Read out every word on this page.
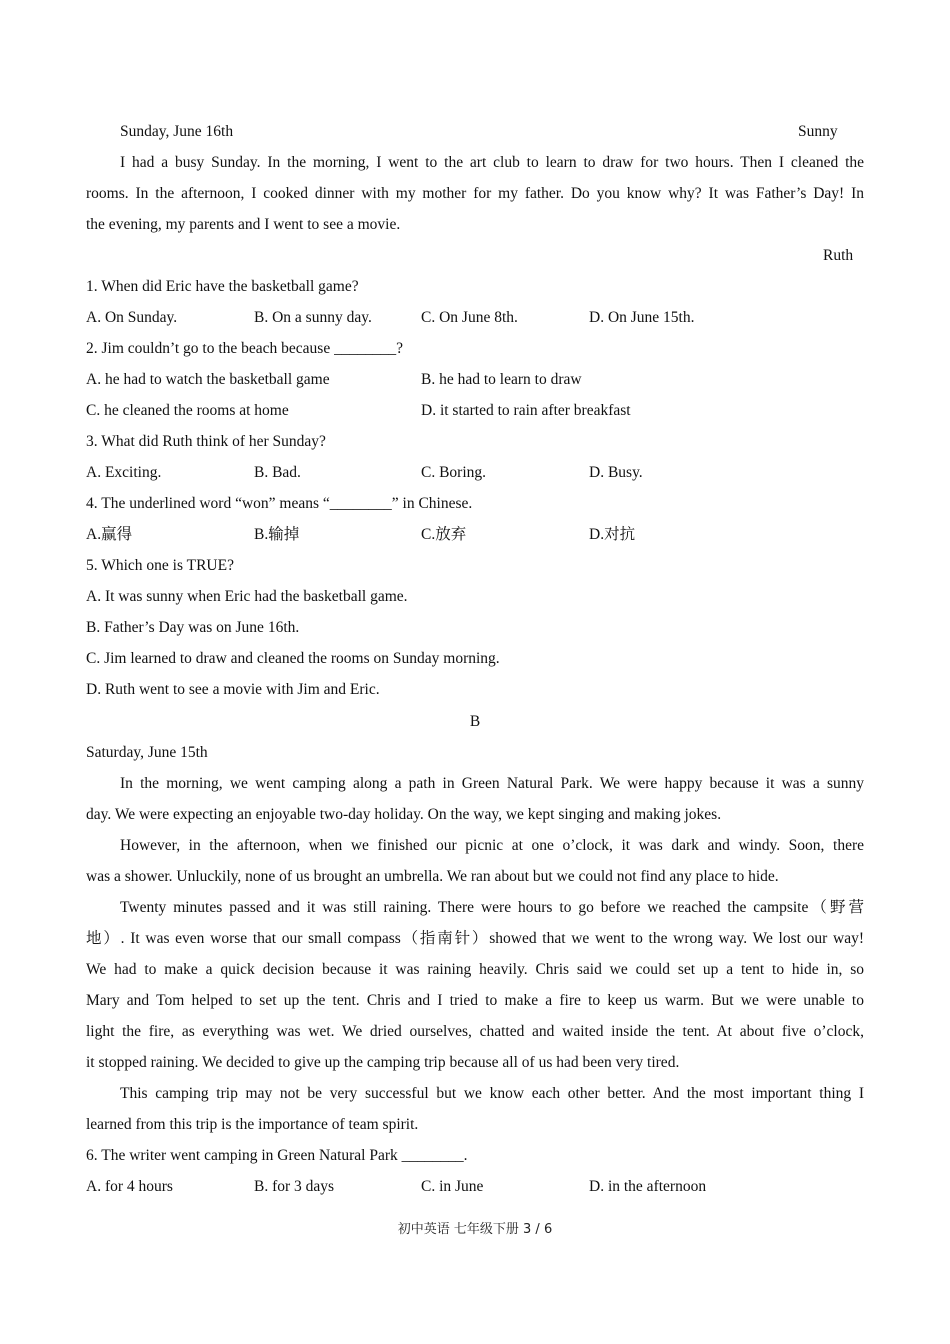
Sunday, June 16th	Sunny
I had a busy Sunday. In the morning, I went to the art club to learn to draw for two hours. Then I cleaned the
rooms. In the afternoon, I cooked dinner with my mother for my father. Do you know why? It was Father’s Day! In
the evening, my parents and I went to see a movie.
Ruth
1. When did Eric have the basketball game?
A. On Sunday.	B. On a sunny day.	C. On June 8th.	D. On June 15th.
2. Jim couldn’t go to the beach because ________?
A. he had to watch the basketball game	B. he had to learn to draw
C. he cleaned the rooms at home	D. it started to rain after breakfast
3. What did Ruth think of her Sunday?
A. Exciting.	B. Bad.	C. Boring.	D. Busy.
4. The underlined word “won” means “________” in Chinese.
A.赢得	B.输掉	C.放弃	D.对抗
5. Which one is TRUE?
A. It was sunny when Eric had the basketball game.
B. Father’s Day was on June 16th.
C. Jim learned to draw and cleaned the rooms on Sunday morning.
D. Ruth went to see a movie with Jim and Eric.
B
Saturday, June 15th
In the morning, we went camping along a path in Green Natural Park. We were happy because it was a sunny
day. We were expecting an enjoyable two-day holiday. On the way, we kept singing and making jokes.
However, in the afternoon, when we finished our picnic at one o’clock, it was dark and windy. Soon, there
was a shower. Unluckily, none of us brought an umbrella. We ran about but we could not find any place to hide.
Twenty minutes passed and it was still raining. There were hours to go before we reached the campsite（野营
地）. It was even worse that our small compass（指南针）showed that we went to the wrong way. We lost our way!
We had to make a quick decision because it was raining heavily. Chris said we could set up a tent to hide in, so
Mary and Tom helped to set up the tent. Chris and I tried to make a fire to keep us warm. But we were unable to
light the fire, as everything was wet. We dried ourselves, chatted and waited inside the tent. At about five o’clock,
it stopped raining. We decided to give up the camping trip because all of us had been very tired.
This camping trip may not be very successful but we know each other better. And the most important thing I
learned from this trip is the importance of team spirit.
6. The writer went camping in Green Natural Park ________.
A. for 4 hours	B. for 3 days	C. in June	D. in the afternoon
初中英语 七年级下册 3 / 6
